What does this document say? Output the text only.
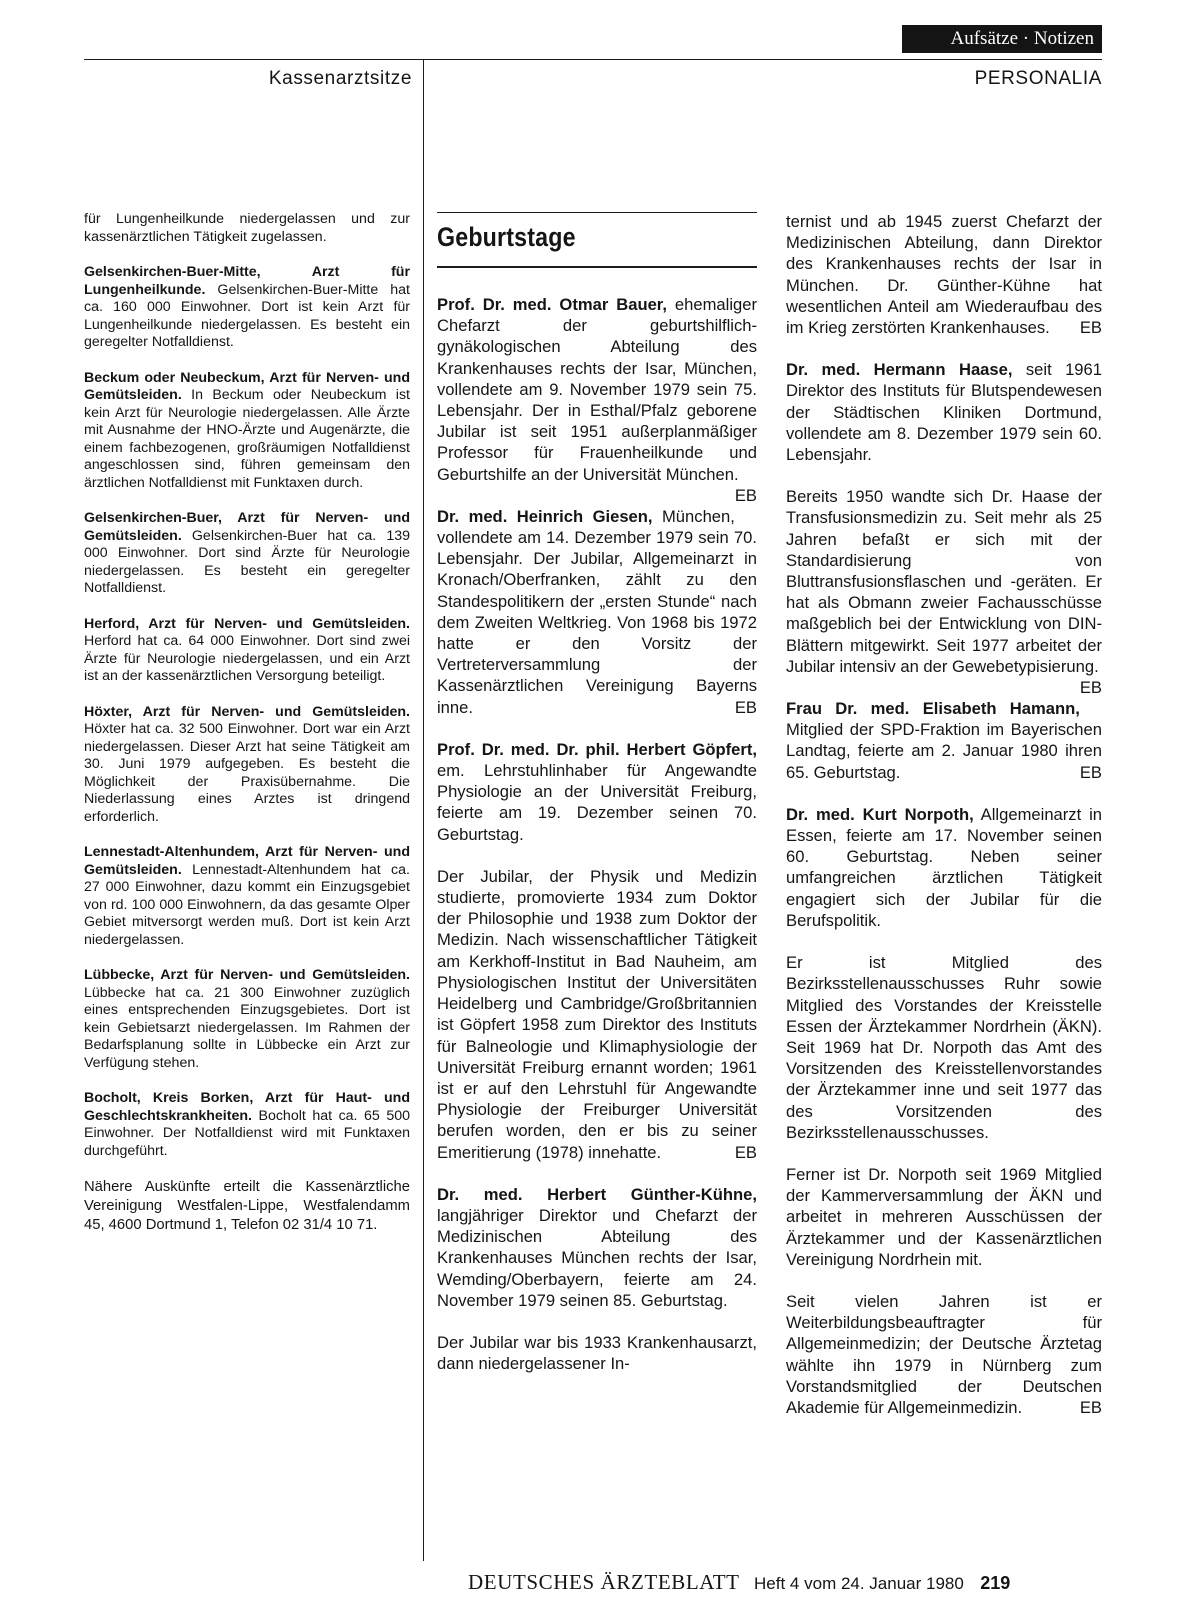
Aufsätze · Notizen
Kassenarztsitze	PERSONALIA

für Lungenheilkunde niedergelassen und zur kassenärztlichen Tätigkeit zugelassen.

Gelsenkirchen-Buer-Mitte, Arzt für Lungenheilkunde. Gelsenkirchen-Buer-Mitte hat ca. 160 000 Einwohner. Dort ist kein Arzt für Lungenheilkunde niedergelassen. Es besteht ein geregelter Notfalldienst.

Beckum oder Neubeckum, Arzt für Nerven- und Gemütsleiden. In Beckum oder Neubeckum ist kein Arzt für Neurologie niedergelassen. Alle Ärzte mit Ausnahme der HNO-Ärzte und Augenärzte, die einem fachbezogenen, großräumigen Notfalldienst angeschlossen sind, führen gemeinsam den ärztlichen Notfalldienst mit Funktaxen durch.

Gelsenkirchen-Buer, Arzt für Nerven- und Gemütsleiden. Gelsenkirchen-Buer hat ca. 139 000 Einwohner. Dort sind Ärzte für Neurologie niedergelassen. Es besteht ein geregelter Notfalldienst.

Herford, Arzt für Nerven- und Gemütsleiden. Herford hat ca. 64 000 Einwohner. Dort sind zwei Ärzte für Neurologie niedergelassen, und ein Arzt ist an der kassenärztlichen Versorgung beteiligt.

Höxter, Arzt für Nerven- und Gemütsleiden. Höxter hat ca. 32 500 Einwohner. Dort war ein Arzt niedergelassen. Dieser Arzt hat seine Tätigkeit am 30. Juni 1979 aufgegeben. Es besteht die Möglichkeit der Praxisübernahme. Die Niederlassung eines Arztes ist dringend erforderlich.

Lennestadt-Altenhundem, Arzt für Nerven- und Gemütsleiden. Lennestadt-Altenhundem hat ca. 27 000 Einwohner, dazu kommt ein Einzugsgebiet von rd. 100 000 Einwohnern, da das gesamte Olper Gebiet mitversorgt werden muß. Dort ist kein Arzt niedergelassen.

Lübbecke, Arzt für Nerven- und Gemütsleiden. Lübbecke hat ca. 21 300 Einwohner zuzüglich eines entsprechenden Einzugsgebietes. Dort ist kein Gebietsarzt niedergelassen. Im Rahmen der Bedarfsplanung sollte in Lübbecke ein Arzt zur Verfügung stehen.

Bocholt, Kreis Borken, Arzt für Haut- und Geschlechtskrankheiten. Bocholt hat ca. 65 500 Einwohner. Der Notfalldienst wird mit Funktaxen durchgeführt.

Nähere Auskünfte erteilt die Kassenärztliche Vereinigung Westfalen-Lippe, Westfalendamm 45, 4600 Dortmund 1, Telefon 02 31/4 10 71.

Geburtstage

Prof. Dr. med. Otmar Bauer, ehemaliger Chefarzt der geburtshilflich-gynäkologischen Abteilung des Krankenhauses rechts der Isar, München, vollendete am 9. November 1979 sein 75. Lebensjahr. Der in Esthal/Pfalz geborene Jubilar ist seit 1951 außerplanmäßiger Professor für Frauenheilkunde und Geburtshilfe an der Universität München.
EB

Dr. med. Heinrich Giesen, München, vollendete am 14. Dezember 1979 sein 70. Lebensjahr. Der Jubilar, Allgemeinarzt in Kronach/Oberfranken, zählt zu den Standespolitikern der „ersten Stunde“ nach dem Zweiten Weltkrieg. Von 1968 bis 1972 hatte er den Vorsitz der Vertreterversammlung der Kassenärztlichen Vereinigung Bayerns inne.	EB

Prof. Dr. med. Dr. phil. Herbert Göpfert, em. Lehrstuhlinhaber für Angewandte Physiologie an der Universität Freiburg, feierte am 19. Dezember seinen 70. Geburtstag.

Der Jubilar, der Physik und Medizin studierte, promovierte 1934 zum Doktor der Philosophie und 1938 zum Doktor der Medizin. Nach wissenschaftlicher Tätigkeit am Kerkhoff-Institut in Bad Nauheim, am Physiologischen Institut der Universitäten Heidelberg und Cambridge/Großbritannien ist Göpfert 1958 zum Direktor des Instituts für Balneologie und Klimaphysiologie der Universität Freiburg ernannt worden; 1961 ist er auf den Lehrstuhl für Angewandte Physiologie der Freiburger Universität berufen worden, den er bis zu seiner Emeritierung (1978) innehatte.	EB

Dr. med. Herbert Günther-Kühne, langjähriger Direktor und Chefarzt der Medizinischen Abteilung des Krankenhauses München rechts der Isar, Wemding/Oberbayern, feierte am 24. November 1979 seinen 85. Geburtstag.

Der Jubilar war bis 1933 Krankenhausarzt, dann niedergelassener In-

ternist und ab 1945 zuerst Chefarzt der Medizinischen Abteilung, dann Direktor des Krankenhauses rechts der Isar in München. Dr. Günther-Kühne hat wesentlichen Anteil am Wiederaufbau des im Krieg zerstörten Krankenhauses. EB

Dr. med. Hermann Haase, seit 1961 Direktor des Instituts für Blutspendewesen der Städtischen Kliniken Dortmund, vollendete am 8. Dezember 1979 sein 60. Lebensjahr.

Bereits 1950 wandte sich Dr. Haase der Transfusionsmedizin zu. Seit mehr als 25 Jahren befaßt er sich mit der Standardisierung von Bluttransfusionsflaschen und -geräten. Er hat als Obmann zweier Fachausschüsse maßgeblich bei der Entwicklung von DIN-Blättern mitgewirkt. Seit 1977 arbeitet der Jubilar intensiv an der Gewebetypisierung.
EB

Frau Dr. med. Elisabeth Hamann, Mitglied der SPD-Fraktion im Bayerischen Landtag, feierte am 2. Januar 1980 ihren 65. Geburtstag.	EB

Dr. med. Kurt Norpoth, Allgemeinarzt in Essen, feierte am 17. November seinen 60. Geburtstag. Neben seiner umfangreichen ärztlichen Tätigkeit engagiert sich der Jubilar für die Berufspolitik.

Er ist Mitglied des Bezirksstellenausschusses Ruhr sowie Mitglied des Vorstandes der Kreisstelle Essen der Ärztekammer Nordrhein (ÄKN). Seit 1969 hat Dr. Norpoth das Amt des Vorsitzenden des Kreisstellenvorstandes der Ärztekammer inne und seit 1977 das des Vorsitzenden des Bezirksstellenausschusses.

Ferner ist Dr. Norpoth seit 1969 Mitglied der Kammerversammlung der ÄKN und arbeitet in mehreren Ausschüssen der Ärztekammer und der Kassenärztlichen Vereinigung Nordrhein mit.

Seit vielen Jahren ist er Weiterbildungsbeauftragter für Allgemeinmedizin; der Deutsche Ärztetag wählte ihn 1979 in Nürnberg zum Vorstandsmitglied der Deutschen Akademie für Allgemeinmedizin.	EB

DEUTSCHES ÄRZTEBLATT Heft 4 vom 24. Januar 1980 219
